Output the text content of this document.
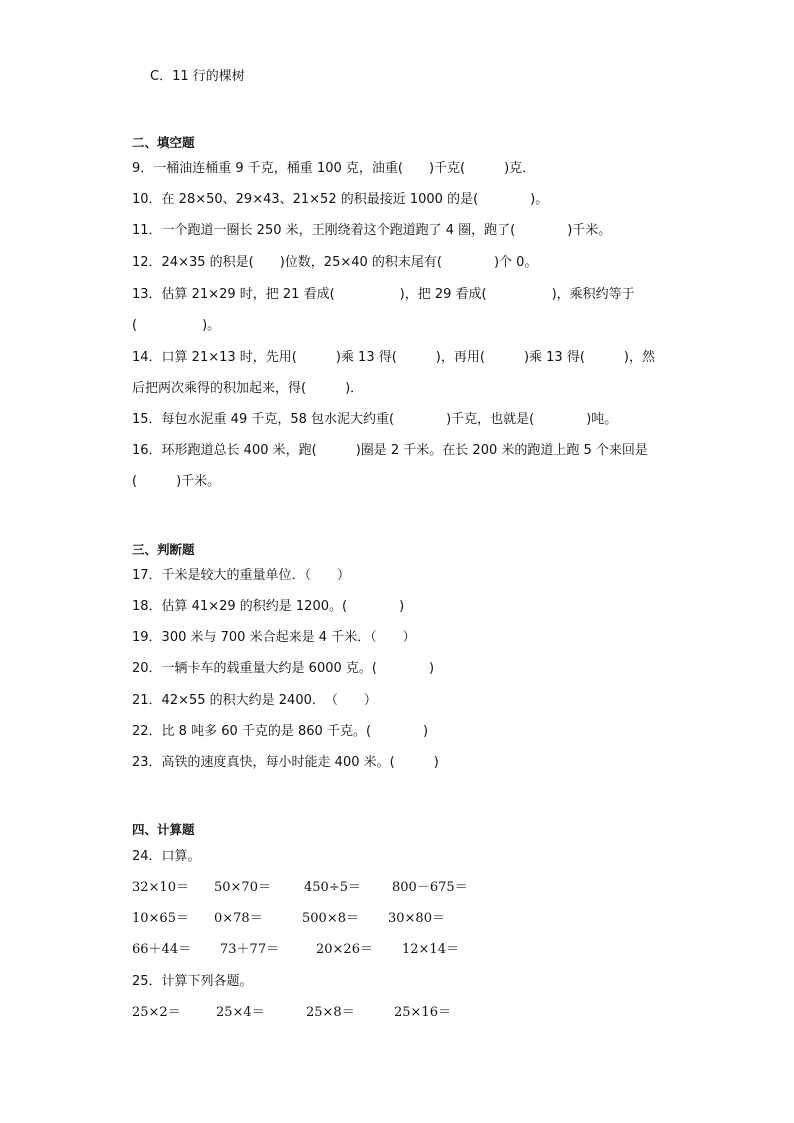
C．11 行的棵树
二、填空题
9．一桶油连桶重 9 千克，桶重 100 克，油重(　　)千克(　　　)克．
10．在 28×50、29×43、21×52 的积最接近 1000 的是(　　　　)。
11．一个跑道一圈长 250 米，王刚绕着这个跑道跑了 4 圈，跑了(　　　　)千米。
12．24×35 的积是(　　)位数，25×40 的积末尾有(　　　　)个 0。
13．估算 21×29 时，把 21 看成(　　　　　)，把 29 看成(　　　　　)，乘积约等于
(　　　　　)。
14．口算 21×13 时，先用(　　　)乘 13 得(　　　)，再用(　　　)乘 13 得(　　　)，然
后把两次乘得的积加起来，得(　　　)．
15．每包水泥重 49 千克，58 包水泥大约重(　　　　)千克，也就是(　　　　)吨。
16．环形跑道总长 400 米，跑(　　　)圈是 2 千米。在长 200 米的跑道上跑 5 个来回是
(　　　)千米。
三、判断题
17．千米是较大的重量单位．（　　）
18．估算 41×29 的积约是 1200。(　　　　)
19．300 米与 700 米合起来是 4 千米．（　　）
20．一辆卡车的载重量大约是 6000 克。(　　　　)
21．42×55 的积大约是 2400．　（　　）
22．比 8 吨多 60 千克的是 860 千克。(　　　　)
23．高铁的速度真快，每小时能走 400 米。(　　　)
四、计算题
24．口算。
32×10＝ 50×70＝	450÷5＝ 800－675＝
10×65＝ 0×78＝	500×8＝ 30×80＝
66＋44＝ 73＋77＝	20×26＝ 12×14＝
25．计算下列各题。
25×2＝	25×4＝	25×8＝	25×16＝
